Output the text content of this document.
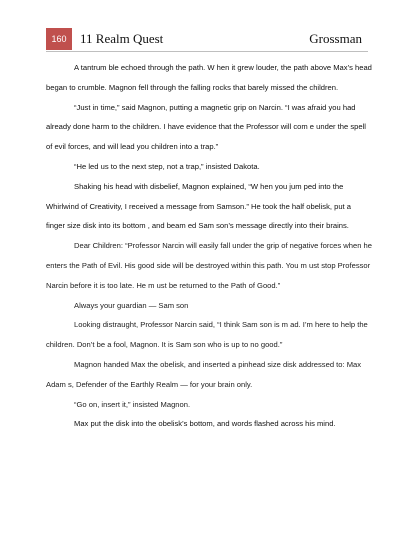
160	11 Realm Quest	Grossman

A tantrum ble echoed through the path. W hen it grew louder, the path above Max’s head began to crumble. Magnon fell through the falling rocks that barely missed the children.

“Just in time,” said Magnon, putting a magnetic grip on Narcin. “I was afraid you had already done harm to the children. I have evidence that the Professor will com e under the spell of evil forces, and will lead you children into a trap.”

“He led us to the next step, not a trap,” insisted Dakota.

Shaking his head with disbelief, Magnon explained, “W hen you jum ped into the Whirlwind of Creativity, I received a message from Samson.” He took the half obelisk, put a finger size disk into its bottom , and beam ed Sam son’s message directly into their brains.

Dear Children: “Professor Narcin will easily fall under the grip of negative forces when he enters the Path of Evil. His good side will be destroyed within this path. You m ust stop Professor Narcin before it is too late. He m ust be returned to the Path of Good.”

Always your guardian — Sam son

Looking distraught, Professor Narcin said, “I think Sam son is m ad. I’m here to help the children. Don’t be a fool, Magnon. It is Sam son who is up to no good.”

Magnon handed Max the obelisk, and inserted a pinhead size disk addressed to: Max Adam s, Defender of the Earthly Realm — for your brain only.

“Go on, insert it,” insisted Magnon.

Max put the disk into the obelisk’s bottom, and words flashed across his mind.
